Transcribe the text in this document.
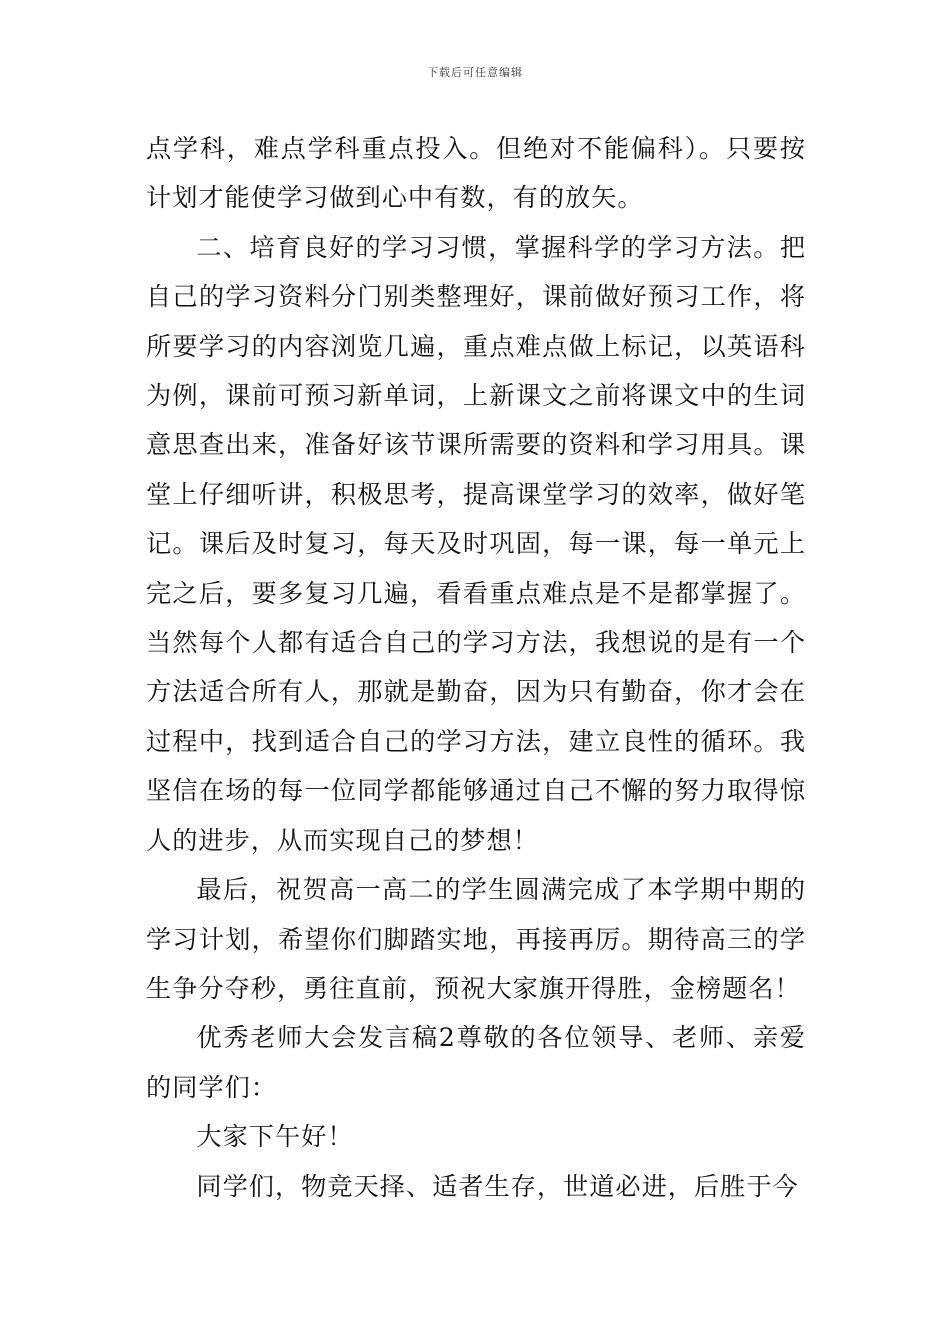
下载后可任意编辑

点学科，难点学科重点投入。但绝对不能偏科）。只要按计划才能使学习做到心中有数，有的放矢。

二、培育良好的学习习惯，掌握科学的学习方法。把自己的学习资料分门别类整理好，课前做好预习工作，将所要学习的内容浏览几遍，重点难点做上标记，以英语科为例，课前可预习新单词，上新课文之前将课文中的生词意思查出来，准备好该节课所需要的资料和学习用具。课堂上仔细听讲，积极思考，提高课堂学习的效率，做好笔记。课后及时复习，每天及时巩固，每一课，每一单元上完之后，要多复习几遍，看看重点难点是不是都掌握了。当然每个人都有适合自己的学习方法，我想说的是有一个方法适合所有人，那就是勤奋，因为只有勤奋，你才会在过程中，找到适合自己的学习方法，建立良性的循环。我坚信在场的每一位同学都能够通过自己不懈的努力取得惊人的进步，从而实现自己的梦想！

最后，祝贺高一高二的学生圆满完成了本学期中期的学习计划，希望你们脚踏实地，再接再厉。期待高三的学生争分夺秒，勇往直前，预祝大家旗开得胜，金榜题名！

优秀老师大会发言稿2尊敬的各位领导、老师、亲爱的同学们：

大家下午好！

同学们，物竞天择、适者生存，世道必进，后胜于今
